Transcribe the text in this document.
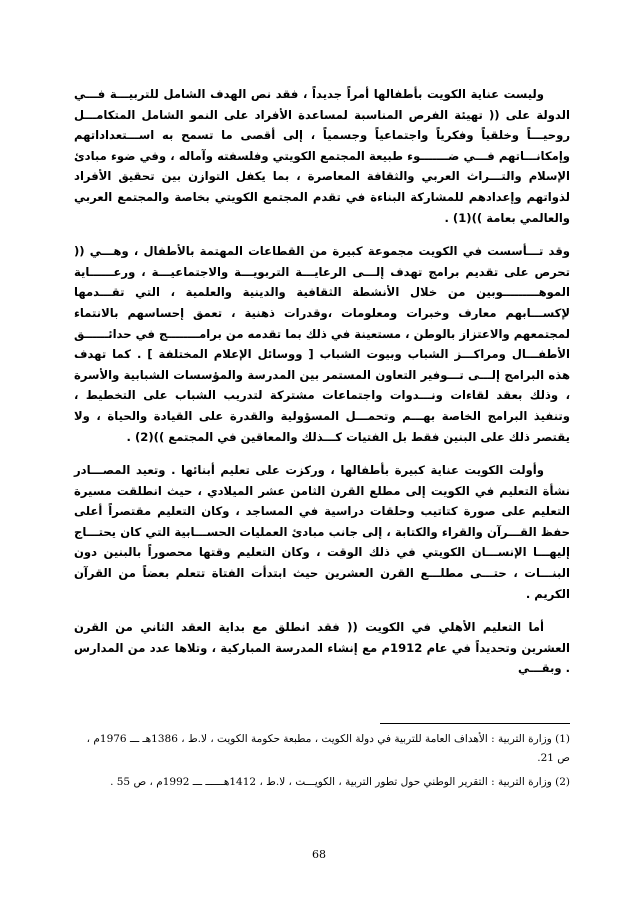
وليست عناية الكويت بأطفالها أمراً جديداً ، فقد نص الهدف الشامل للتربيـــة فـــي الدولة على (( تهيئة الفرص المناسبة لمساعدة الأفراد على النمو الشامل المتكامـــل روحيـــاً وخلقياً وفكرياً واجتماعياً وجسمياً ، إلى أقصى ما تسمح به اســـتعداداتهم وإمكانـــاتهم فـــي ضـــــــوء طبيعة المجتمع الكويتي وفلسفته وآماله ، وفي ضوء مبادئ الإسلام والتـــراث العربي والثقافة المعاصرة ، بما يكفل التوازن بين تحقيق الأفراد لذواتهم وإعدادهم للمشاركة البناءة في تقدم المجتمع الكويتي بخاصة والمجتمع العربي والعالمي بعامة ))(1) .

وقد تـــأسست في الكويت مجموعة كبيرة من القطاعات المهتمة بالأطفال ، وهـــي (( تحرص على تقديم برامج تهدف إلـــى الرعايـــة التربويـــة والاجتماعيـــة ، ورعــــــاية الموهـــــــــوبين من خلال الأنشطة الثقافية والدينية والعلمية ، التي تقـــدمها لإكســـابهم معارف وخبرات ومعلومات ،وقدرات ذهنية ، تعمق إحساسهم بالانتماء لمجتمعهم والاعتزاز بالوطن ، مستعينة في ذلك بما تقدمه من برامــــــــج في حدائــــــق الأطفـــال ومراكـــز الشباب وبيوت الشباب [ ووسائل الإعلام المختلفة ] . كما تهدف هذه البرامج إلـــى تـــوفير التعاون المستمر بين المدرسة والمؤسسات الشبابية والأسرة ، وذلك بعقد لقاءات ونـــدوات واجتماعات مشتركة لتدريب الشباب على التخطيط ، وتنفيذ البرامج الخاصة بهـــم وتحمـــل المسؤولية والقدرة على القيادة والحياة ، ولا يقتصر ذلك على البنين فقط بل الفتيات كـــذلك والمعاقين في المجتمع ))(2) .

وأولت الكويت عناية كبيرة بأطفالها ، وركزت على تعليم أبنائها . وتعيد المصـــادر نشأة التعليم في الكويت إلى مطلع القرن الثامن عشر الميلادي ، حيث انطلقت مسيرة التعليم على صورة كتاتيب وحلقات دراسية في المساجد ، وكان التعليم مقتصراً أعلى حفظ القـــرآن والقراء والكتابة ، إلى جانب مبادئ العمليات الحســـابية التي كان يحتـــاج إليهـــا الإنســـان الكويتي في ذلك الوقت ، وكان التعليم وقتها محصوراً بالبنين دون البنـــات ، حتـــى مطلـــع القرن العشرين حيث ابتدأت الفتاة تتعلم بعضاً من القرآن الكريم .

أما التعليم الأهلي في الكويت (( فقد انطلق مع بداية العقد الثاني من القرن العشرين وتحديداً في عام 1912م مع إنشاء المدرسة المباركية ، وتلاها عدد من المدارس . وبقـــي

(1) وزارة التربية : الأهداف العامة للتربية في دولة الكويت ، مطبعة حكومة الكويت ، لا.ط ، 1386هـ ـــ 1976م ، ص 21.

(2) وزارة التربية : التقرير الوطني حول تطور التربية ، الكويـــت ، لا.ط ، 1412هــــــ ـــ 1992م ، ص 55 .

68
